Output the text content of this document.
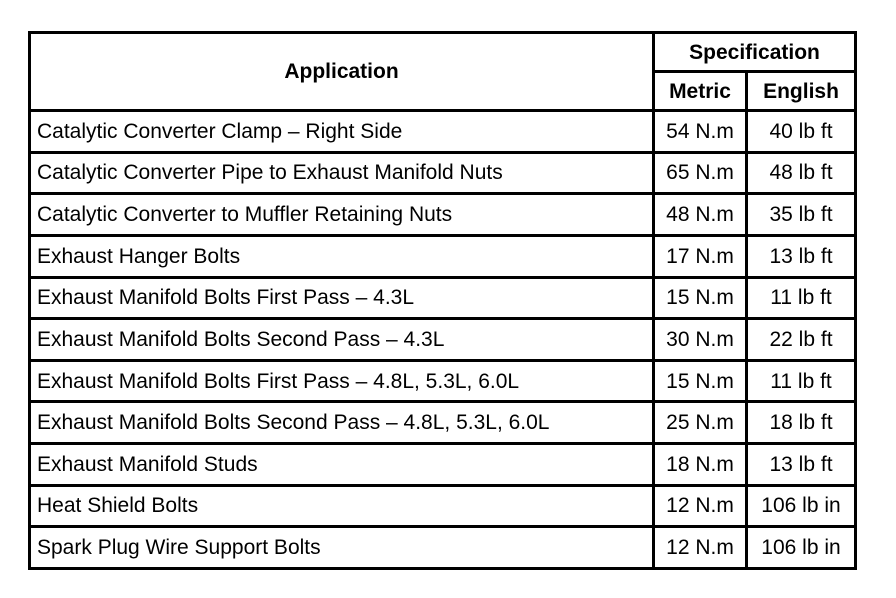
Application	Specification	
	Metric	English
Catalytic Converter Clamp – Right Side	54 N.m	40 lb ft
Catalytic Converter Pipe to Exhaust Manifold Nuts	65 N.m	48 lb ft
Catalytic Converter to Muffler Retaining Nuts	48 N.m	35 lb ft
Exhaust Hanger Bolts	17 N.m	13 lb ft
Exhaust Manifold Bolts First Pass – 4.3L	15 N.m	11 lb ft
Exhaust Manifold Bolts Second Pass – 4.3L	30 N.m	22 lb ft
Exhaust Manifold Bolts First Pass – 4.8L, 5.3L, 6.0L	15 N.m	11 lb ft
Exhaust Manifold Bolts Second Pass – 4.8L, 5.3L, 6.0L	25 N.m	18 lb ft
Exhaust Manifold Studs	18 N.m	13 lb ft
Heat Shield Bolts	12 N.m	106 lb in
Spark Plug Wire Support Bolts	12 N.m	106 lb in
